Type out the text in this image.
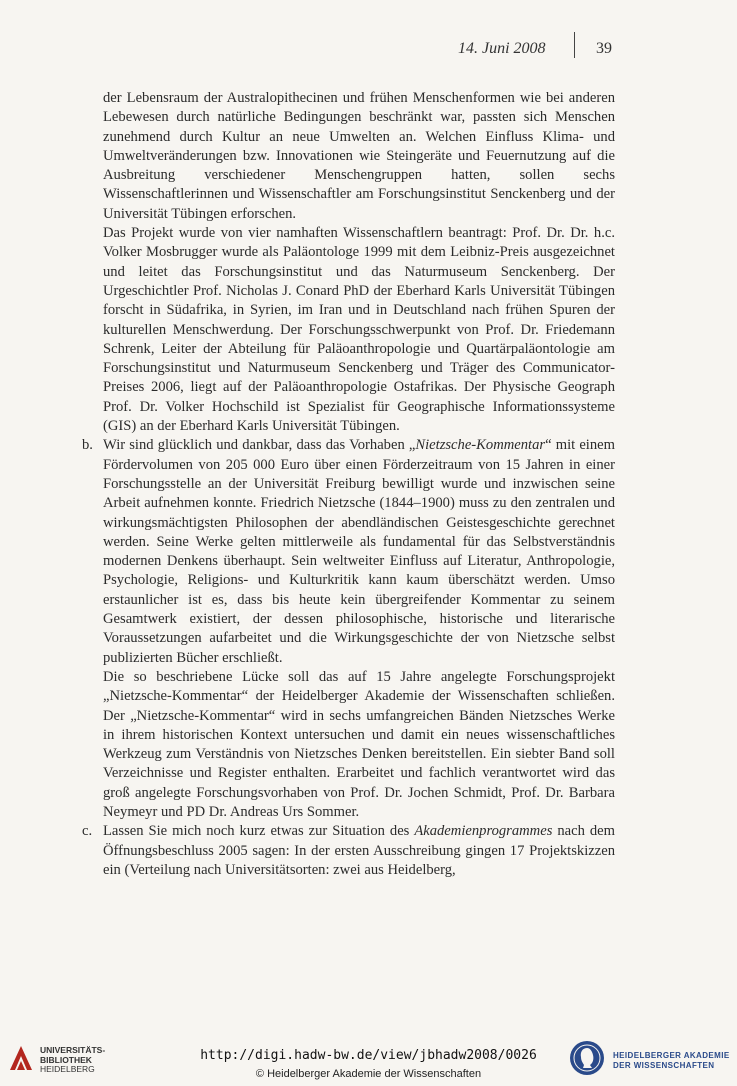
14. Juni 2008	39

der Lebensraum der Australopithecinen und frühen Menschenformen wie bei anderen Lebewesen durch natürliche Bedingungen beschränkt war, passten sich Menschen zunehmend durch Kultur an neue Umwelten an. Welchen Einfluss Klima- und Umweltveränderungen bzw. Innovationen wie Steingeräte und Feuernutzung auf die Ausbreitung verschiedener Menschengruppen hatten, sollen sechs Wissenschaftlerinnen und Wissenschaftler am Forschungsinstitut Senckenberg und der Universität Tübingen erforschen.

Das Projekt wurde von vier namhaften Wissenschaftlern beantragt: Prof. Dr. Dr. h.c. Volker Mosbrugger wurde als Paläontologe 1999 mit dem Leibniz-Preis ausgezeichnet und leitet das Forschungsinstitut und das Naturmuseum Senckenberg. Der Urgeschichtler Prof. Nicholas J. Conard PhD der Eberhard Karls Universität Tübingen forscht in Südafrika, in Syrien, im Iran und in Deutschland nach frühen Spuren der kulturellen Menschwerdung. Der Forschungsschwerpunkt von Prof. Dr. Friedemann Schrenk, Leiter der Abteilung für Paläoanthropologie und Quartärpaläontologie am Forschungsinstitut und Naturmuseum Senckenberg und Träger des Communicator-Preises 2006, liegt auf der Paläoanthropologie Ostafrikas. Der Physische Geograph Prof. Dr. Volker Hochschild ist Spezialist für Geographische Informationssysteme (GIS) an der Eberhard Karls Universität Tübingen.

b. Wir sind glücklich und dankbar, dass das Vorhaben „Nietzsche-Kommentar“ mit einem Fördervolumen von 205 000 Euro über einen Förderzeitraum von 15 Jahren in einer Forschungsstelle an der Universität Freiburg bewilligt wurde und inzwischen seine Arbeit aufnehmen konnte. Friedrich Nietzsche (1844–1900) muss zu den zentralen und wirkungsmächtigsten Philosophen der abendländischen Geistesgeschichte gerechnet werden. Seine Werke gelten mittlerweile als fundamental für das Selbstverständnis modernen Denkens überhaupt. Sein weltweiter Einfluss auf Literatur, Anthropologie, Psychologie, Religions- und Kulturkritik kann kaum überschätzt werden. Umso erstaunlicher ist es, dass bis heute kein übergreifender Kommentar zu seinem Gesamtwerk existiert, der dessen philosophische, historische und literarische Voraussetzungen aufarbeitet und die Wirkungsgeschichte der von Nietzsche selbst publizierten Bücher erschließt.

Die so beschriebene Lücke soll das auf 15 Jahre angelegte Forschungsprojekt „Nietzsche-Kommentar“ der Heidelberger Akademie der Wissenschaften schließen. Der „Nietzsche-Kommentar“ wird in sechs umfangreichen Bänden Nietzsches Werke in ihrem historischen Kontext untersuchen und damit ein neues wissenschaftliches Werkzeug zum Verständnis von Nietzsches Denken bereitstellen. Ein siebter Band soll Verzeichnisse und Register enthalten. Erarbeitet und fachlich verantwortet wird das groß angelegte Forschungsvorhaben von Prof. Dr. Jochen Schmidt, Prof. Dr. Barbara Neymeyr und PD Dr. Andreas Urs Sommer.

c. Lassen Sie mich noch kurz etwas zur Situation des Akademienprogrammes nach dem Öffnungsbeschluss 2005 sagen: In der ersten Ausschreibung gingen 17 Projektskizzen ein (Verteilung nach Universitätsorten: zwei aus Heidelberg,

UNIVERSITÄTS-
BIBLIOTHEK
HEIDELBERG
http://digi.hadw-bw.de/view/jbhadw2008/0026
© Heidelberger Akademie der Wissenschaften
HEIDELBERGER AKADEMIE
DER WISSENSCHAFTEN
